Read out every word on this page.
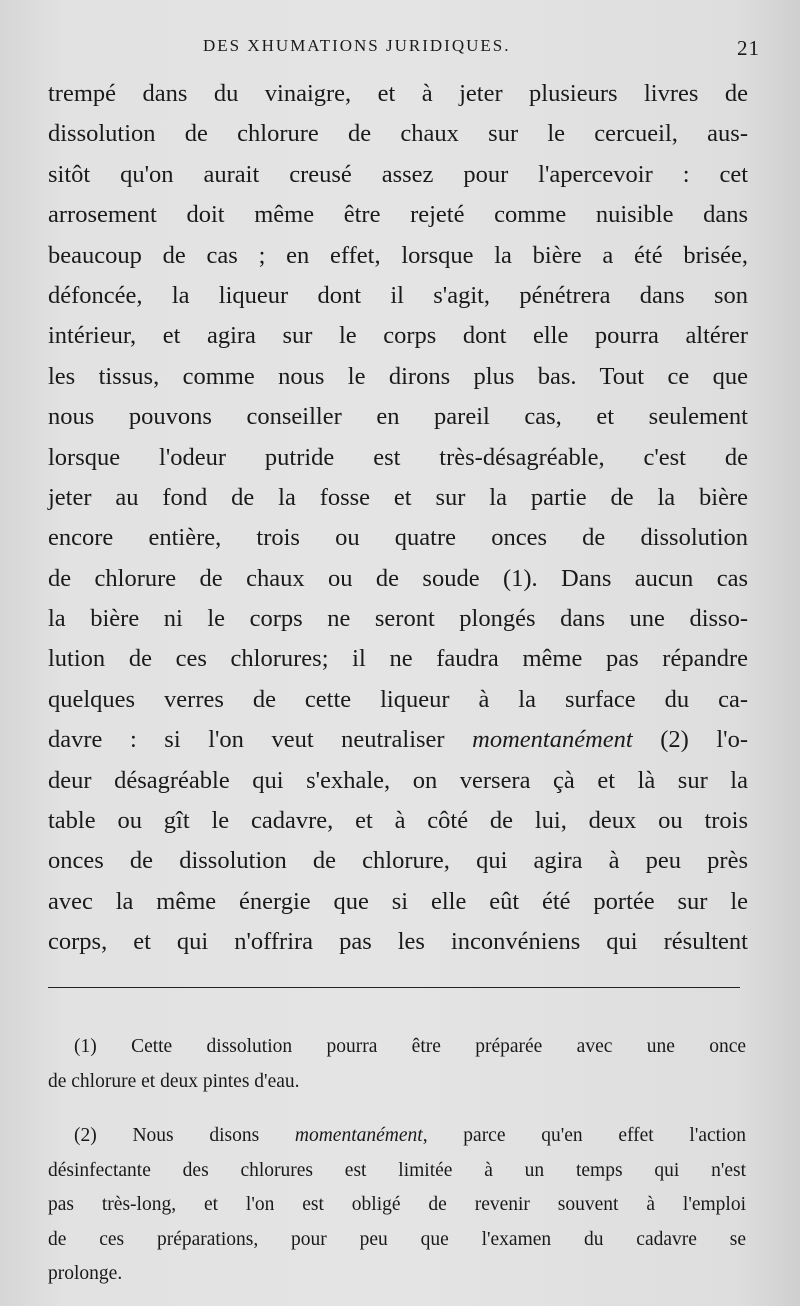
DES XHUMATIONS JURIDIQUES.	21
trempé dans du vinaigre, et à jeter plusieurs livres de
dissolution de chlorure de chaux sur le cercueil, aus-
sitôt qu'on aurait creusé assez pour l'apercevoir : cet
arrosement doit même être rejeté comme nuisible dans
beaucoup de cas ; en effet, lorsque la bière a été brisée,
défoncée, la liqueur dont il s'agit, pénétrera dans son
intérieur, et agira sur le corps dont elle pourra altérer
les tissus, comme nous le dirons plus bas. Tout ce que
nous pouvons conseiller en pareil cas, et seulement
lorsque l'odeur putride est très-désagréable, c'est de
jeter au fond de la fosse et sur la partie de la bière
encore entière, trois ou quatre onces de dissolution
de chlorure de chaux ou de soude (1). Dans aucun cas
la bière ni le corps ne seront plongés dans une disso-
lution de ces chlorures; il ne faudra même pas répandre
quelques verres de cette liqueur à la surface du ca-
davre : si l'on veut neutraliser momentanément (2) l'o-
deur désagréable qui s'exhale, on versera çà et là sur la
table ou gît le cadavre, et à côté de lui, deux ou trois
onces de dissolution de chlorure, qui agira à peu près
avec la même énergie que si elle eût été portée sur le
corps, et qui n'offrira pas les inconvéniens qui résultent
(1) Cette dissolution pourra être préparée avec une once
de chlorure et deux pintes d'eau.
(2) Nous disons momentanément, parce qu'en effet l'action
désinfectante des chlorures est limitée à un temps qui n'est
pas très-long, et l'on est obligé de revenir souvent à l'emploi
de ces préparations, pour peu que l'examen du cadavre se
prolonge.
